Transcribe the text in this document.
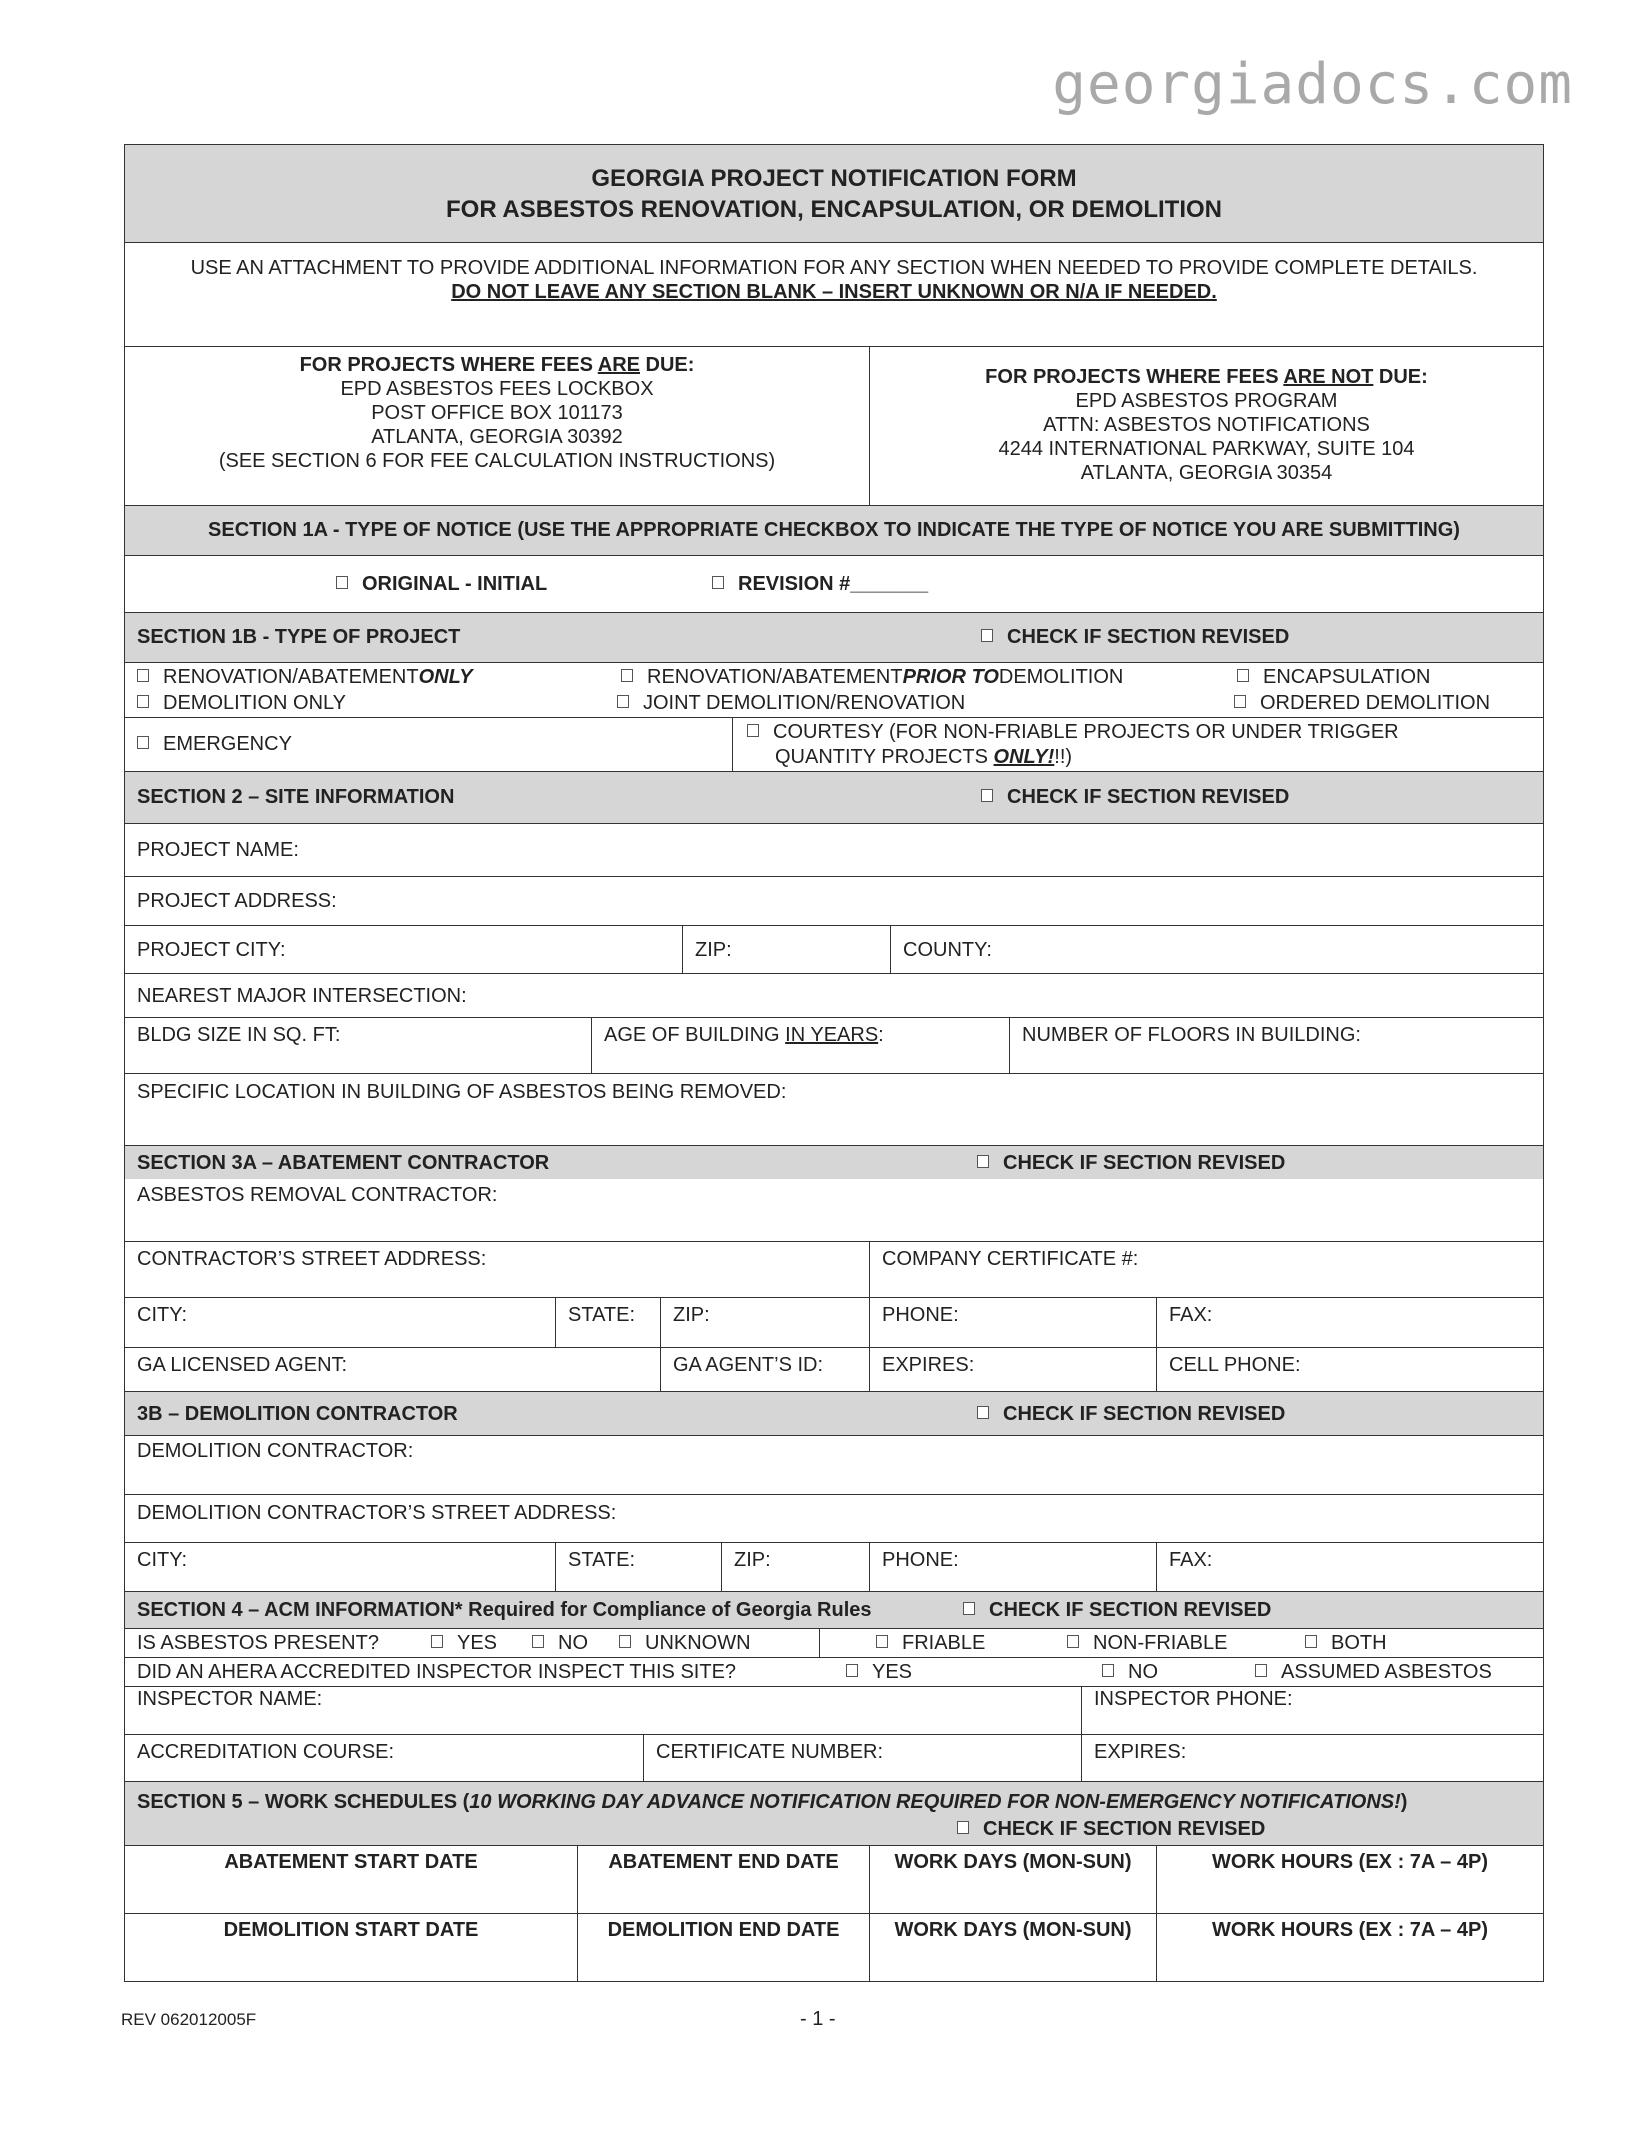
georgiadocs.com
GEORGIA PROJECT NOTIFICATION FORM
FOR ASBESTOS RENOVATION, ENCAPSULATION, OR DEMOLITION
USE AN ATTACHMENT TO PROVIDE ADDITIONAL INFORMATION FOR ANY SECTION WHEN NEEDED TO PROVIDE COMPLETE DETAILS.
DO NOT LEAVE ANY SECTION BLANK – INSERT UNKNOWN OR N/A IF NEEDED.
FOR PROJECTS WHERE FEES ARE DUE:
EPD ASBESTOS FEES LOCKBOX
POST OFFICE BOX 101173
ATLANTA, GEORGIA 30392
(SEE SECTION 6 FOR FEE CALCULATION INSTRUCTIONS)
FOR PROJECTS WHERE FEES ARE NOT DUE:
EPD ASBESTOS PROGRAM
ATTN: ASBESTOS NOTIFICATIONS
4244 INTERNATIONAL PARKWAY, SUITE 104
ATLANTA, GEORGIA 30354
SECTION 1A - TYPE OF NOTICE (USE THE APPROPRIATE CHECKBOX TO INDICATE THE TYPE OF NOTICE YOU ARE SUBMITTING)
ORIGINAL - INITIAL	REVISION #_______
SECTION 1B - TYPE OF PROJECT	CHECK IF SECTION REVISED
RENOVATION/ABATEMENT ONLY	RENOVATION/ABATEMENT PRIOR TO DEMOLITION	ENCAPSULATION
DEMOLITION ONLY	JOINT DEMOLITION/RENOVATION	ORDERED DEMOLITION
EMERGENCY
COURTESY (FOR NON-FRIABLE PROJECTS OR UNDER TRIGGER
QUANTITY PROJECTS ONLY!!!)
SECTION 2 – SITE INFORMATION	CHECK IF SECTION REVISED
PROJECT NAME:
PROJECT ADDRESS:
PROJECT CITY:	ZIP:	COUNTY:
NEAREST MAJOR INTERSECTION:
BLDG SIZE IN SQ. FT:	AGE OF BUILDING IN YEARS:	NUMBER OF FLOORS IN BUILDING:
SPECIFIC LOCATION IN BUILDING OF ASBESTOS BEING REMOVED:
SECTION 3A – ABATEMENT CONTRACTOR	CHECK IF SECTION REVISED
ASBESTOS REMOVAL CONTRACTOR:
CONTRACTOR’S STREET ADDRESS:	COMPANY CERTIFICATE #:
CITY:	STATE:	ZIP:	PHONE:	FAX:
GA LICENSED AGENT:	GA AGENT’S ID:	EXPIRES:	CELL PHONE:
3B – DEMOLITION CONTRACTOR	CHECK IF SECTION REVISED
DEMOLITION CONTRACTOR:
DEMOLITION CONTRACTOR’S STREET ADDRESS:
CITY:	STATE:	ZIP:	PHONE:	FAX:
SECTION 4 – ACM INFORMATION* Required for Compliance of Georgia Rules	CHECK IF SECTION REVISED
IS ASBESTOS PRESENT?	YES	NO	UNKNOWN	FRIABLE	NON-FRIABLE	BOTH
DID AN AHERA ACCREDITED INSPECTOR INSPECT THIS SITE?	YES	NO	ASSUMED ASBESTOS
INSPECTOR NAME:	INSPECTOR PHONE:
ACCREDITATION COURSE:	CERTIFICATE NUMBER:	EXPIRES:
SECTION 5 – WORK SCHEDULES (10 WORKING DAY ADVANCE NOTIFICATION REQUIRED FOR NON-EMERGENCY NOTIFICATIONS!)
CHECK IF SECTION REVISED
ABATEMENT START DATE	ABATEMENT END DATE	WORK DAYS (MON-SUN)	WORK HOURS (EX : 7A – 4P)
DEMOLITION START DATE	DEMOLITION END DATE	WORK DAYS (MON-SUN)	WORK HOURS (EX : 7A – 4P)
REV 062012005F	- 1 -
